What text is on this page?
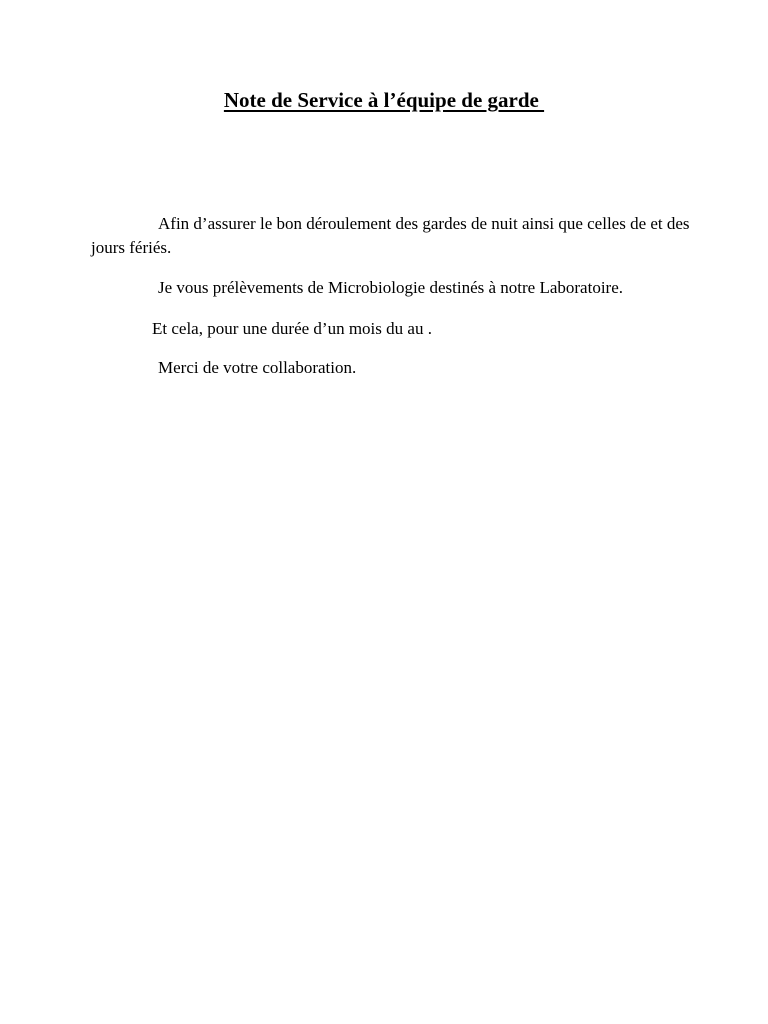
Note de Service à l’équipe de garde

Afin d’assurer le bon déroulement des gardes de nuit ainsi que celles de et des jours fériés.

Je vous prélèvements de Microbiologie destinés à notre Laboratoire.

Et cela, pour une durée d’un mois du au .

Merci de votre collaboration.
